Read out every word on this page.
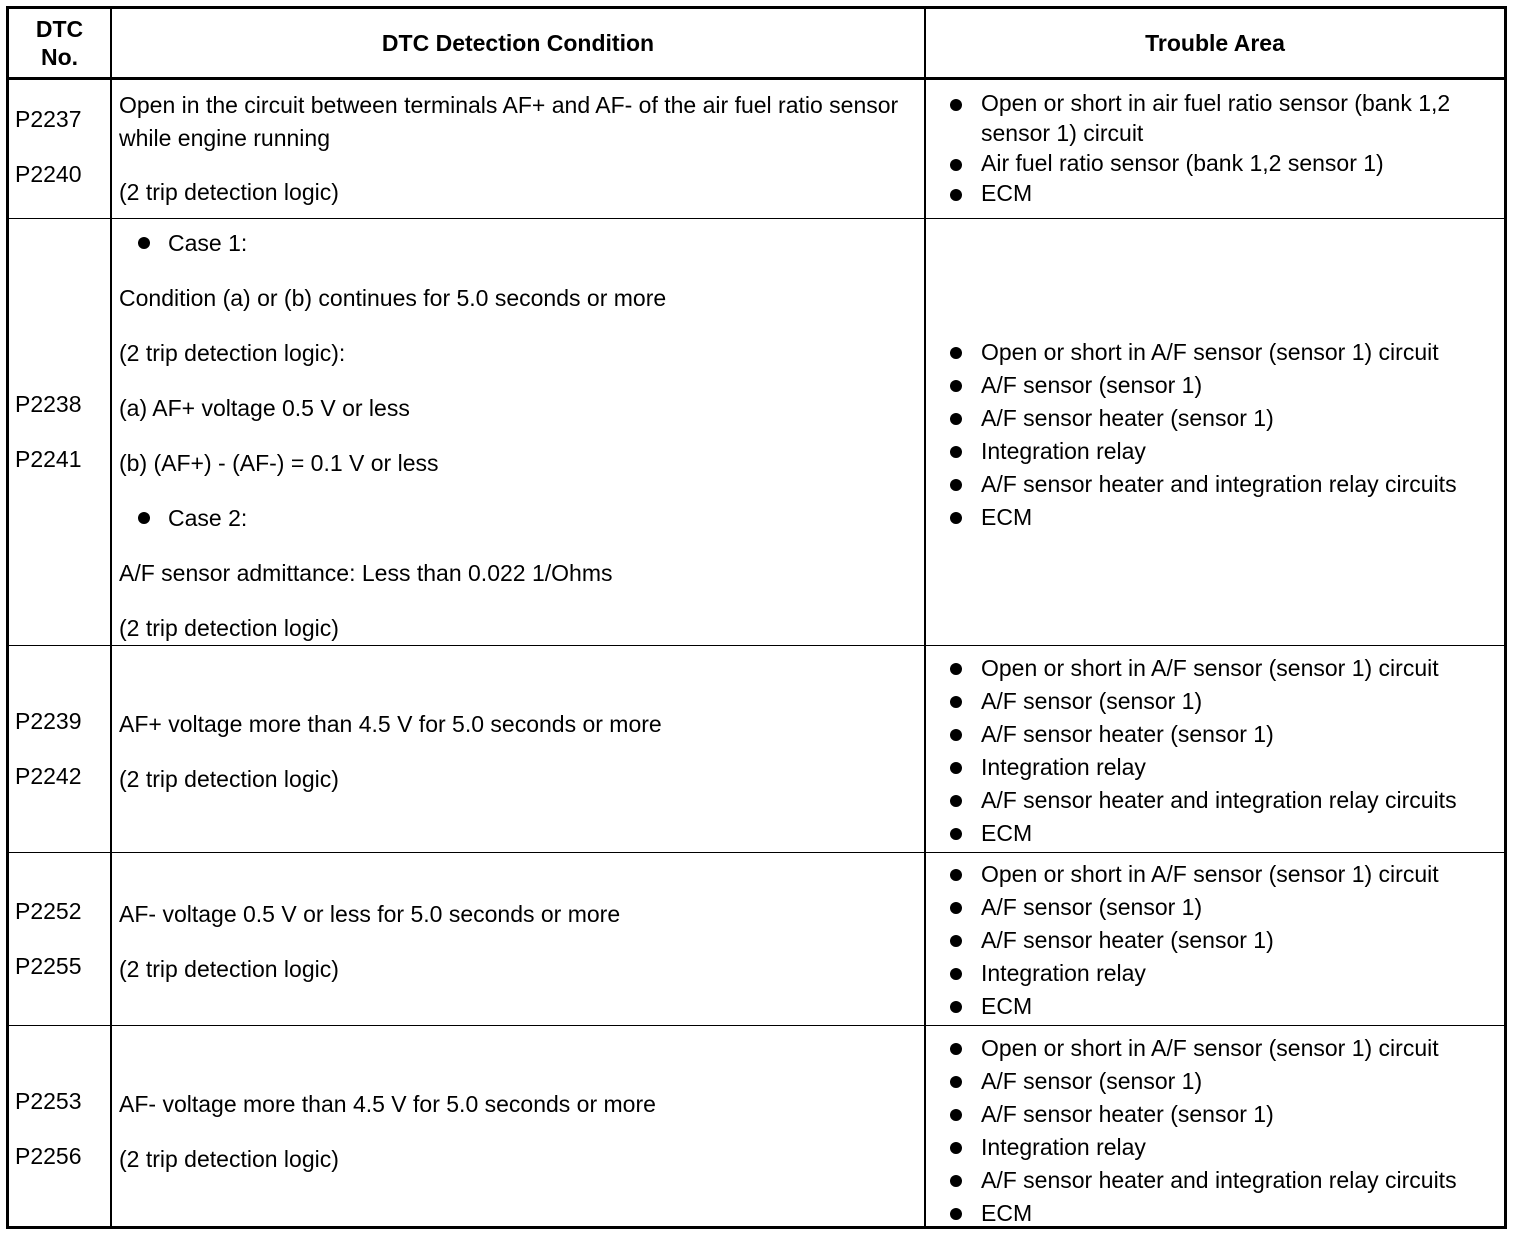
DTC
No.
DTC Detection Condition	Trouble Area
P2237
P2240
Open in the circuit between terminals AF+ and AF- of the air fuel ratio sensor while engine running
(2 trip detection logic)
Open or short in air fuel ratio sensor (bank 1,2 sensor 1) circuit
Air fuel ratio sensor (bank 1,2 sensor 1)
ECM
P2238
P2241
Case 1:
Condition (a) or (b) continues for 5.0 seconds or more
(2 trip detection logic):
(a) AF+ voltage 0.5 V or less
(b) (AF+) - (AF-) = 0.1 V or less
Case 2:
A/F sensor admittance: Less than 0.022 1/Ohms
(2 trip detection logic)
Open or short in A/F sensor (sensor 1) circuit
A/F sensor (sensor 1)
A/F sensor heater (sensor 1)
Integration relay
A/F sensor heater and integration relay circuits
ECM
P2239
P2242
AF+ voltage more than 4.5 V for 5.0 seconds or more
(2 trip detection logic)
Open or short in A/F sensor (sensor 1) circuit
A/F sensor (sensor 1)
A/F sensor heater (sensor 1)
Integration relay
A/F sensor heater and integration relay circuits
ECM
P2252
P2255
AF- voltage 0.5 V or less for 5.0 seconds or more
(2 trip detection logic)
Open or short in A/F sensor (sensor 1) circuit
A/F sensor (sensor 1)
A/F sensor heater (sensor 1)
Integration relay
ECM
P2253
P2256
AF- voltage more than 4.5 V for 5.0 seconds or more
(2 trip detection logic)
Open or short in A/F sensor (sensor 1) circuit
A/F sensor (sensor 1)
A/F sensor heater (sensor 1)
Integration relay
A/F sensor heater and integration relay circuits
ECM
